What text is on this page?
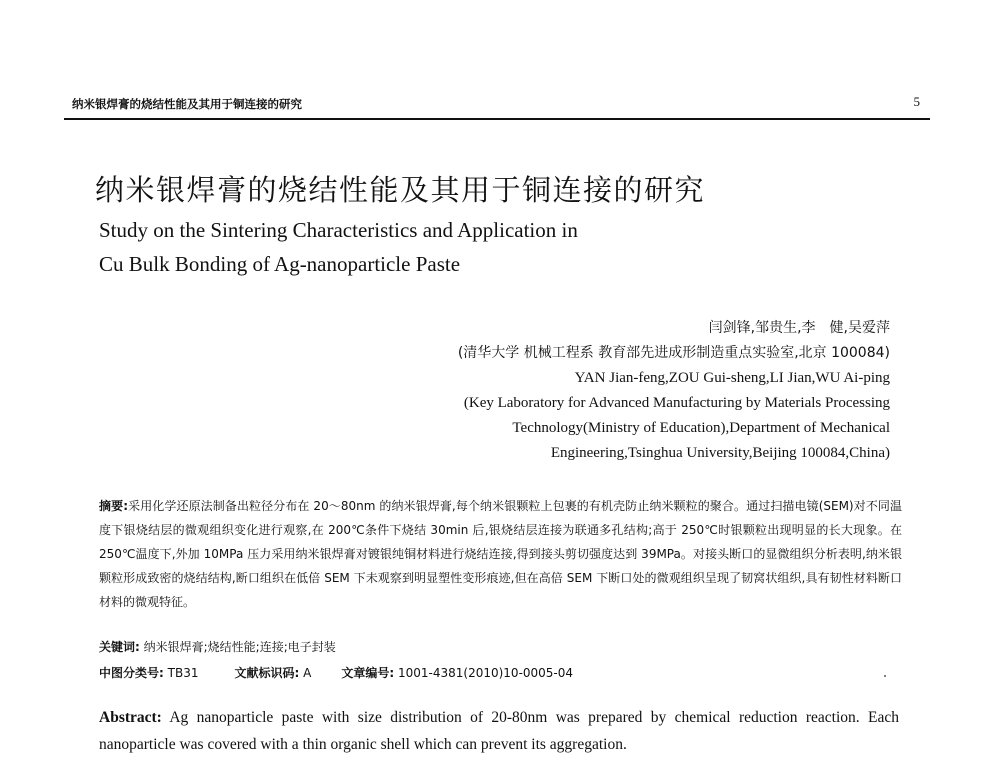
纳米银焊膏的烧结性能及其用于铜连接的研究	5
纳米银焊膏的烧结性能及其用于铜连接的研究
Study on the Sintering Characteristics and Application in
Cu Bulk Bonding of Ag-nanoparticle Paste
闫剑锋,邹贵生,李　健,吴爱萍
(清华大学 机械工程系 教育部先进成形制造重点实验室,北京 100084)
YAN Jian-feng,ZOU Gui-sheng,LI Jian,WU Ai-ping
(Key Laboratory for Advanced Manufacturing by Materials Processing
Technology(Ministry of Education),Department of Mechanical
Engineering,Tsinghua University,Beijing 100084,China)
摘要:采用化学还原法制备出粒径分布在 20～80nm 的纳米银焊膏,每个纳米银颗粒上包裹的有机壳防止纳米颗粒的聚合。通过扫描电镜(SEM)对不同温度下银烧结层的微观组织变化进行观察,在 200℃条件下烧结 30min 后,银烧结层连接为联通多孔结构;高于 250℃时银颗粒出现明显的长大现象。在 250℃温度下,外加 10MPa 压力采用纳米银焊膏对镀银纯铜材料进行烧结连接,得到接头剪切强度达到 39MPa。对接头断口的显微组织分析表明,纳米银颗粒形成致密的烧结结构,断口组织在低倍 SEM 下未观察到明显塑性变形痕迹,但在高倍 SEM 下断口处的微观组织呈现了韧窝状组织,具有韧性材料断口材料的微观特征。
关键词: 纳米银焊膏;烧结性能;连接;电子封装
中图分类号: TB31	文献标识码: A	文章编号: 1001-4381(2010)10-0005-04
Abstract: Ag nanoparticle paste with size distribution of 20-80nm was prepared by chemical reduction reaction. Each nanoparticle was covered with a thin organic shell which can prevent its aggregation.
